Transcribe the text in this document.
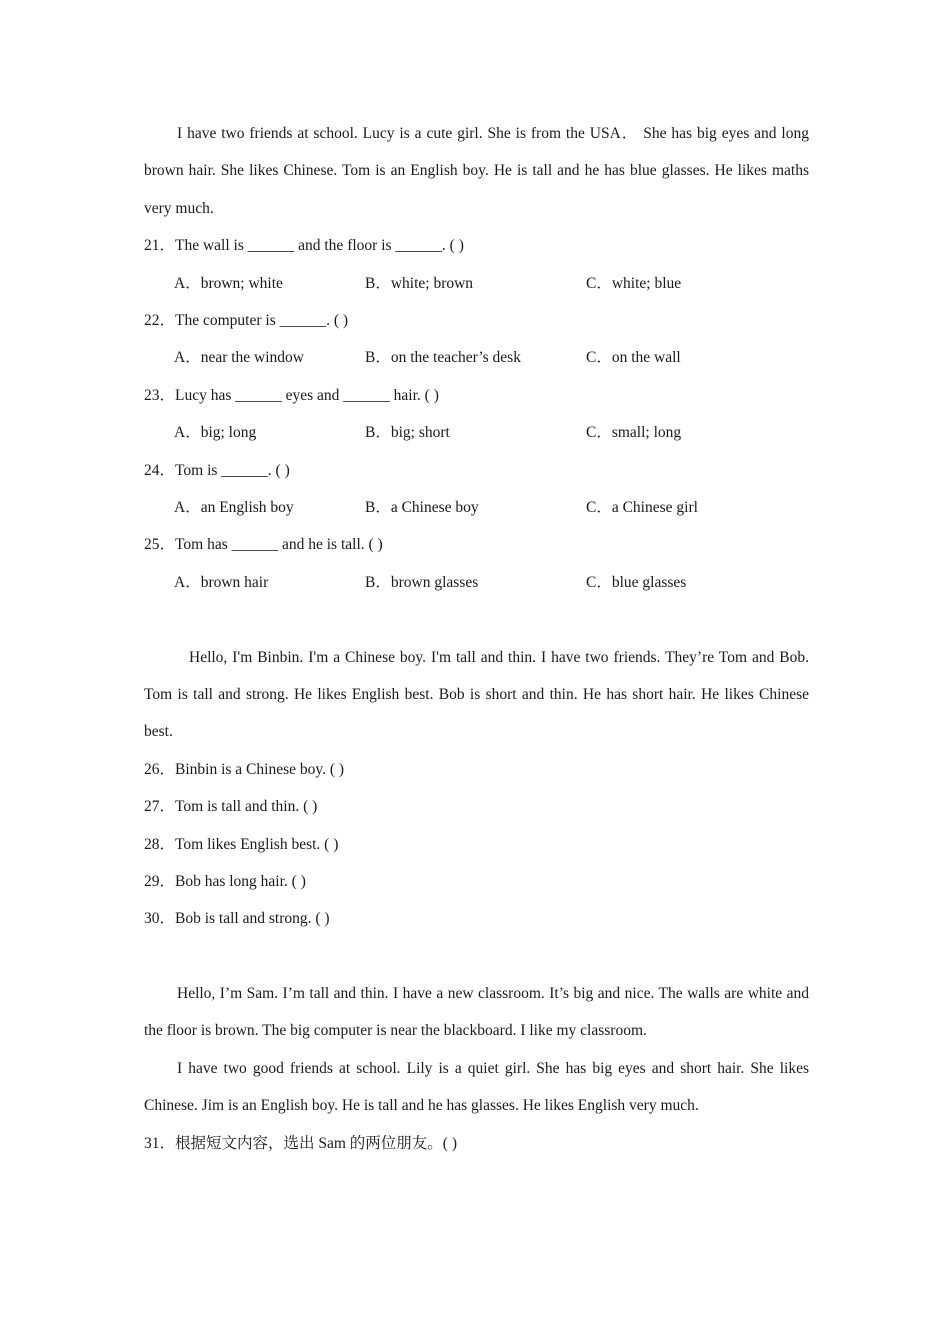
I have two friends at school. Lucy is a cute girl. She is from the USA． She has big eyes and long brown hair. She likes Chinese. Tom is an English boy. He is tall and he has blue glasses. He likes maths very much.

21．The wall is ______ and the floor is ______. ( )
A．brown; white	B．white; brown	C．white; blue
22．The computer is ______. ( )
A．near the window	B．on the teacher’s desk	C．on the wall
23．Lucy has ______ eyes and ______ hair. ( )
A．big; long	B．big; short	C．small; long
24．Tom is ______. ( )
A．an English boy	B．a Chinese boy	C．a Chinese girl
25．Tom has ______ and he is tall. ( )
A．brown hair	B．brown glasses	C．blue glasses

Hello, I'm Binbin. I'm a Chinese boy. I'm tall and thin. I have two friends. They’re Tom and Bob. Tom is tall and strong. He likes English best. Bob is short and thin. He has short hair. He likes Chinese best.

26．Binbin is a Chinese boy. ( )
27．Tom is tall and thin. ( )
28．Tom likes English best. ( )
29．Bob has long hair. ( )
30．Bob is tall and strong. ( )

Hello, I’m Sam. I’m tall and thin. I have a new classroom. It’s big and nice. The walls are white and the floor is brown. The big computer is near the blackboard. I like my classroom.

I have two good friends at school. Lily is a quiet girl. She has big eyes and short hair. She likes Chinese. Jim is an English boy. He is tall and he has glasses. He likes English very much.

31．根据短文内容，选出 Sam 的两位朋友。( )
